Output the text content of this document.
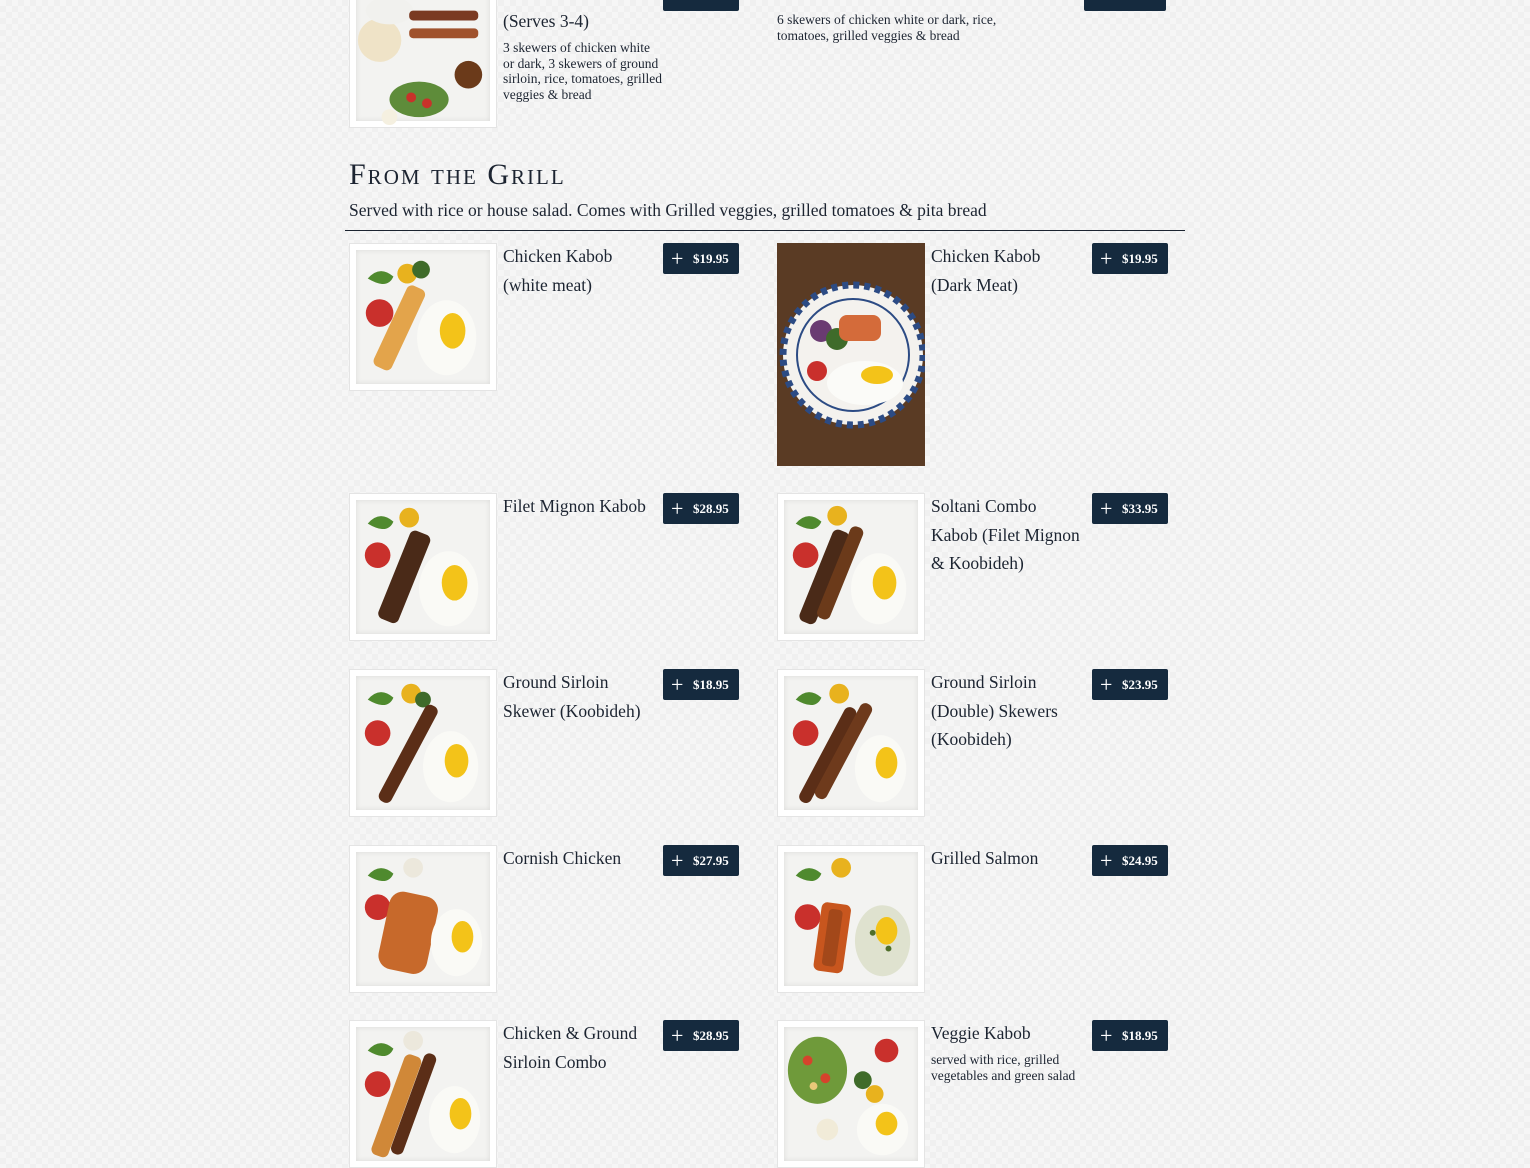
(Serves 3-4)
3 skewers of chicken white or dark, 3 skewers of ground sirloin, rice, tomatoes, grilled veggies & bread
6 skewers of chicken white or dark, rice, tomatoes, grilled veggies & bread
From the Grill
Served with rice or house salad. Comes with Grilled veggies, grilled tomatoes & pita bread
Chicken Kabob (white meat)
+ $19.95	Chicken Kabob (Dark Meat)
+ $19.95
Filet Mignon Kabob	+ $28.95	Soltani Combo Kabob (Filet Mignon & Koobideh)
+ $33.95
Ground Sirloin Skewer (Koobideh)
+ $18.95	Ground Sirloin (Double) Skewers (Koobideh)
+ $23.95
Cornish Chicken	+ $27.95	Grilled Salmon	+ $24.95
Chicken & Ground Sirloin Combo
+ $28.95	Veggie Kabob
served with rice, grilled vegetables and green salad
+ $18.95
